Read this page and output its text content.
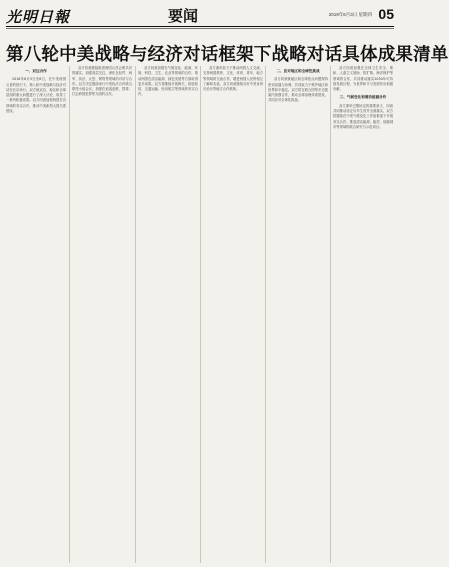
光明日報	要闻	2019年6月3日 星期四 05
第八轮中美战略与经济对话框架下战略对话具体成果清单
一、双边合作

2016年6月5日至6日，在中美两国元首的指引下，第八轮中美战略与经济对话在北京举行。双方就双边、地区和全球层面的重大问题进行了深入讨论，取得了一系列积极成果。双方同意加强两国在各领域的务实合作，推动中美新型大国关系建设。

双方同意继续推进两国元首会晤共识的落实，加强高层交往，深化在经贸、两军、执法、反恐、网络等领域的对话与合作。双方决定继续举行中美执法合作联合联络小组会议，加强在追逃追赃、禁毒、打击跨国犯罪等方面的合作。

双方同意加强在气候变化、能源、环境、科技、卫生、农业等领域的合作，推动两国在清洁能源、绿色发展等方面取得更多成果。双方将继续开展海关、检验检疫、交通运输、民用航空等领域的务实合作。

双方重申致力于推动两国人文交流，支持两国教育、文化、体育、青年、地方等领域的交流合作，增进两国人民的相互了解和友谊。双方同意继续办好中美省州长论坛等地方合作机制。

二、应对地区和全球性挑战

双方同意就地区和全球热点问题保持密切沟通与协调，共同致力于维护地区和世界和平稳定。双方将在联合国等多边框架内加强合作，推动全球治理体系建设，共同应对全球性挑战。

双方同意加强在全球卫生安全、维和、人道主义援助、防扩散、海洋保护等领域的合作，共同推动落实2030年可持续发展议程，为世界和平与发展作出积极贡献。

三、气候变化和清洁能源合作

双方重申巴黎协定的重要意义，同意共同推动协定尽早生效并全面落实。双方将继续在中美气候变化工作组框架下开展务实合作，推进清洁能源、能效、低碳城市等领域的联合研究与示范项目。
